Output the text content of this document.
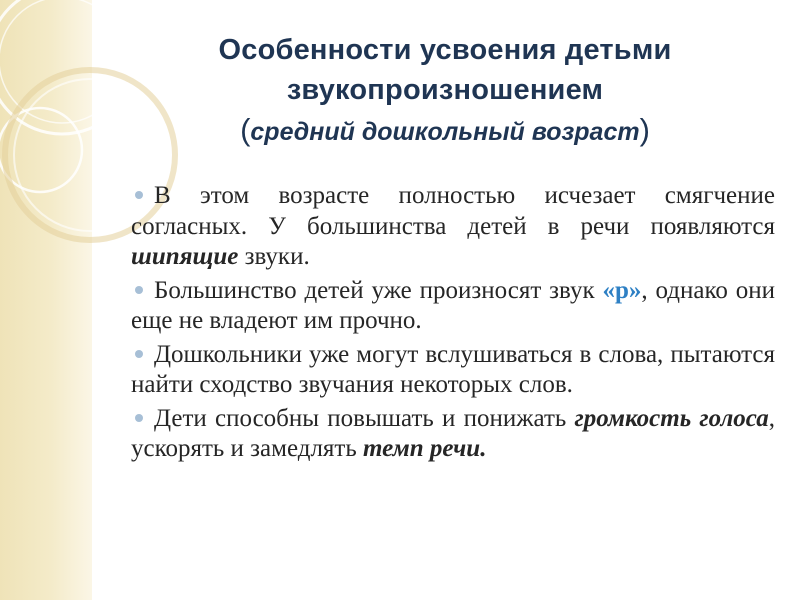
Особенности усвоения детьми
звукопроизношением
(средний дошкольный возраст)
В этом возрасте полностью исчезает смягчение согласных. У большинства детей в речи появляются шипящие звуки.
Большинство детей уже произносят звук «р», однако они еще не владеют им прочно.
Дошкольники уже могут вслушиваться в слова, пытаются найти сходство звучания некоторых слов.
Дети способны повышать и понижать громкость голоса, ускорять и замедлять темп речи.
